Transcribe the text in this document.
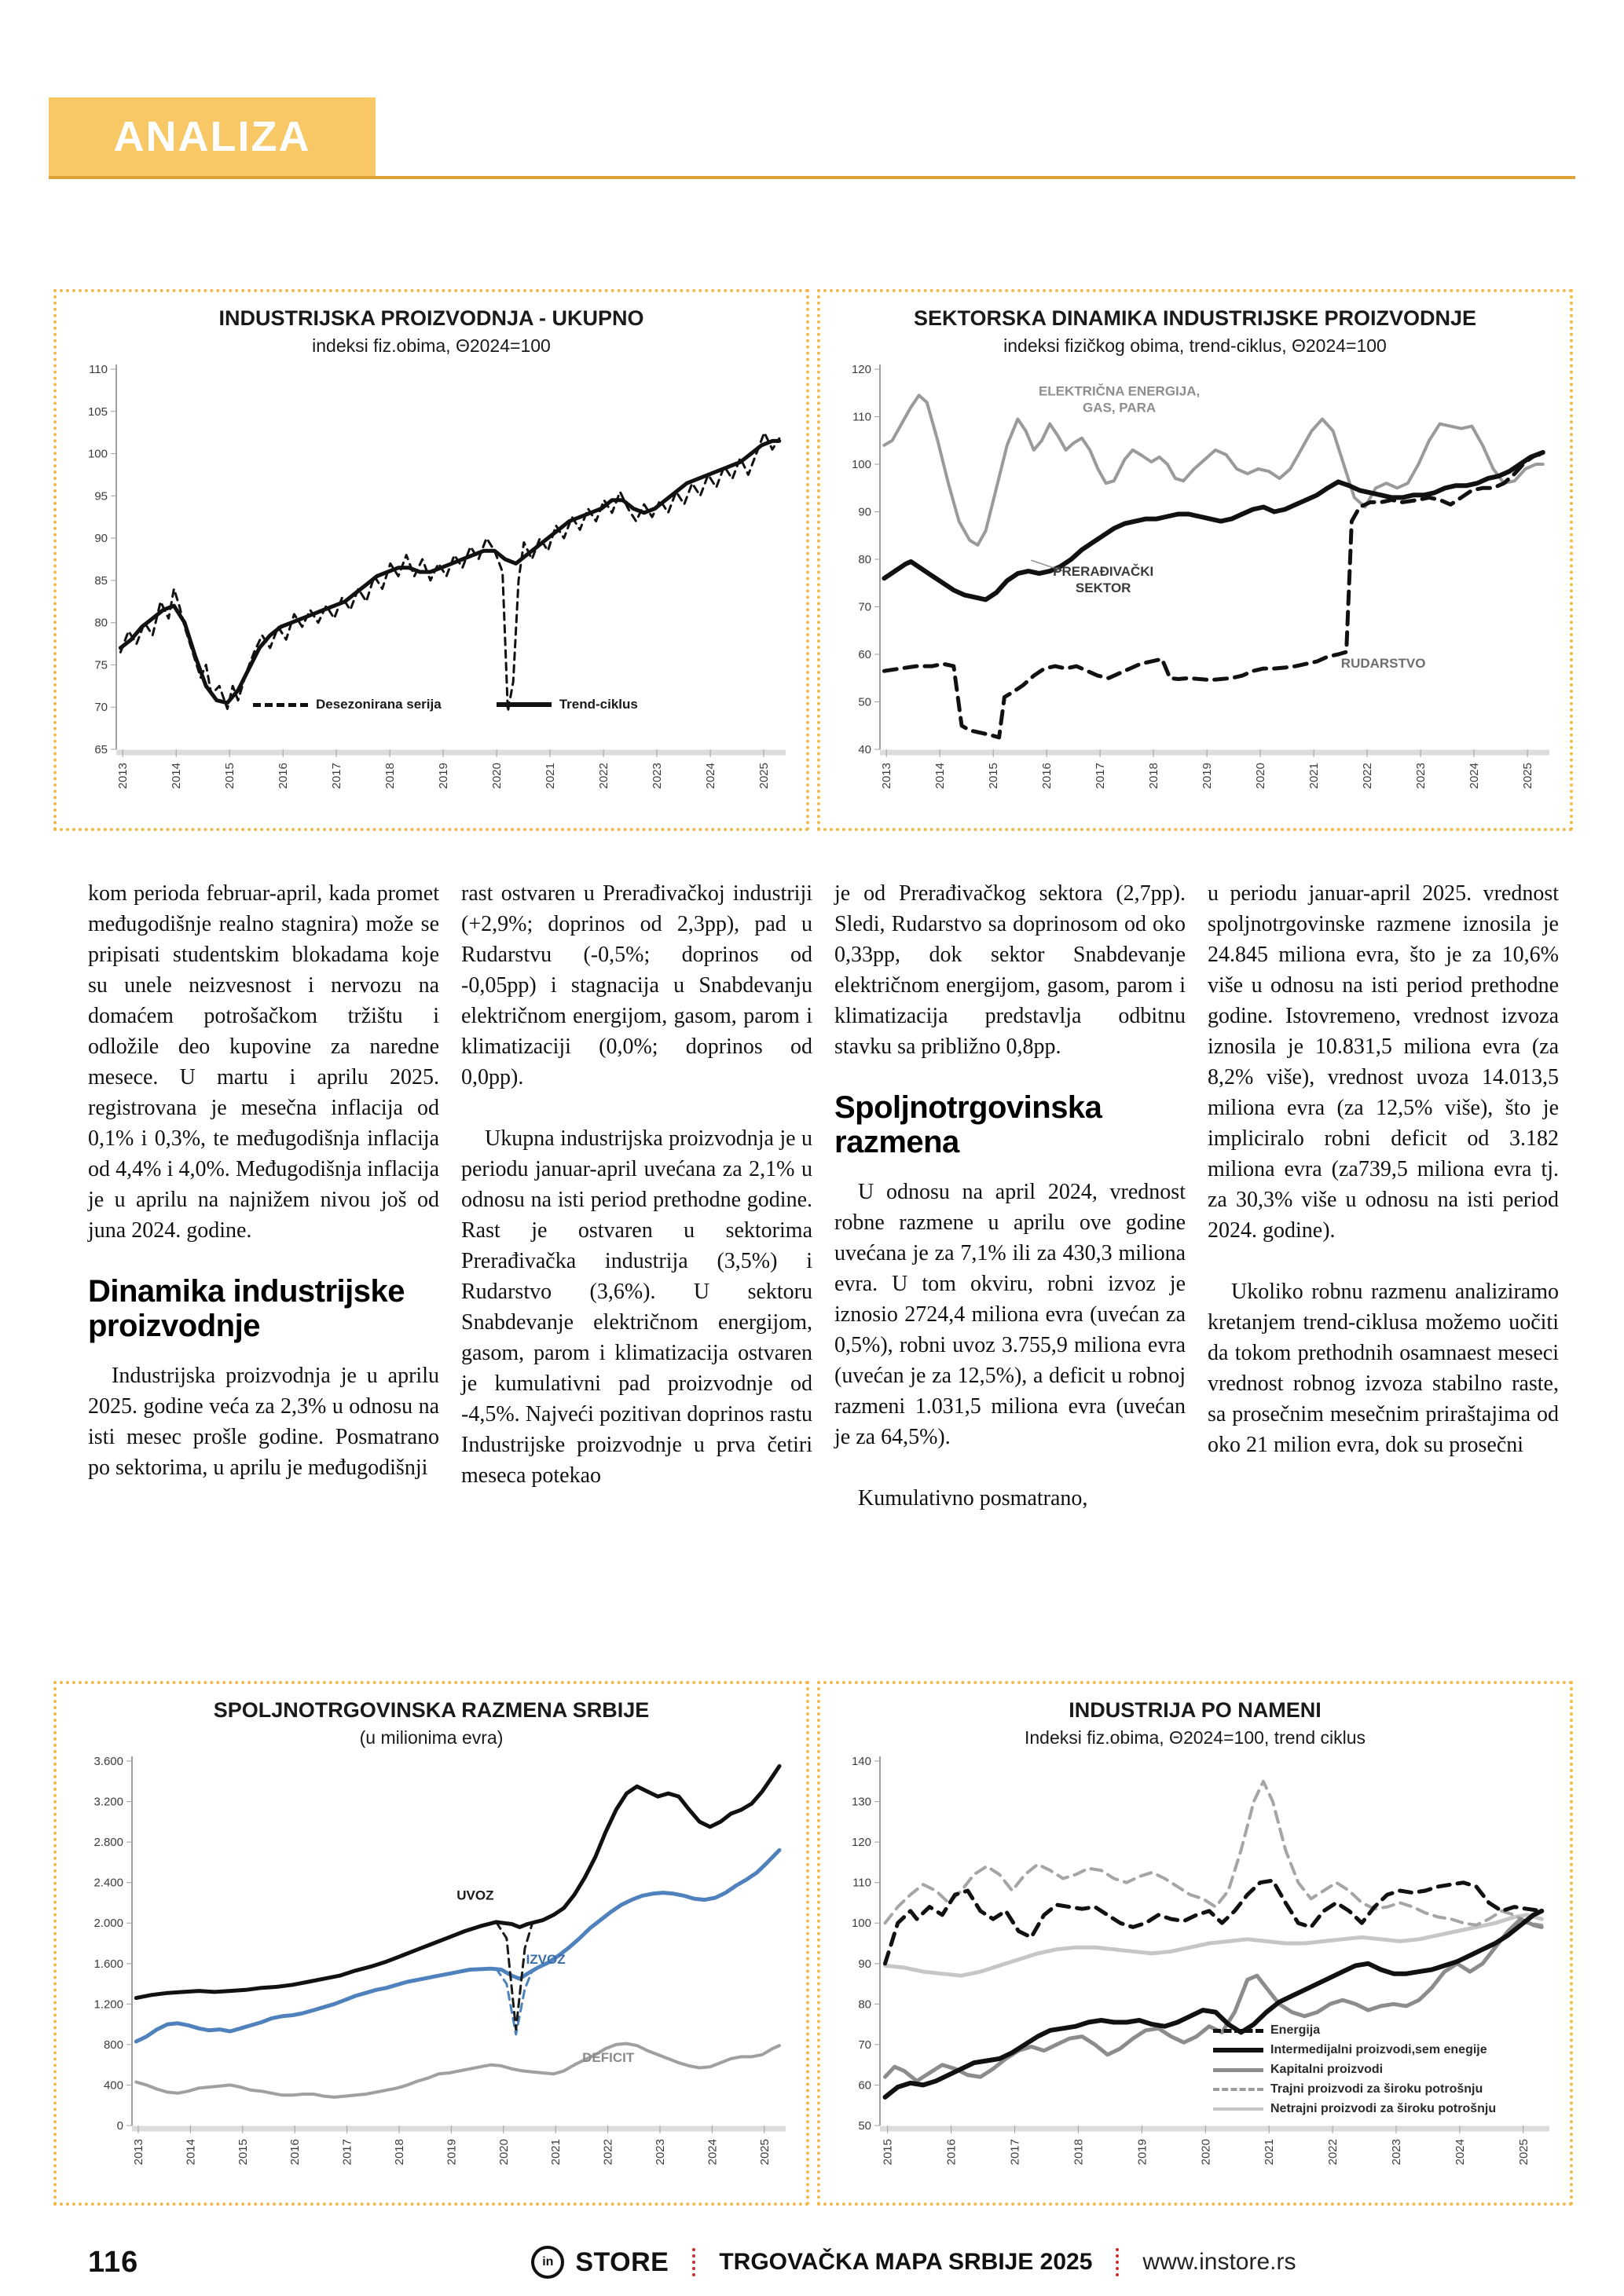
ANALIZA
INDUSTRIJSKA PROIZVODNJA - UKUPNO
indeksi fiz.obima, Θ2024=100
110
105
100
95
90
85
80
75
70
65
2013	2014	2015	2016	2017	2018	2019	2020	2021	2022	2023	2024	2025
Desezonirana serija	Trend-ciklus
SEKTORSKA DINAMIKA INDUSTRIJSKE PROIZVODNJE
indeksi fizičkog obima, trend-ciklus, Θ2024=100
120
110
100
90
80
70
60
50
40
2013	2014	2015	2016	2017	2018	2019	2020	2021	2022	2023	2024	2025
ELEKTRIČNA ENERGIJA,
GAS, PARA
PRERAĐIVAČKI
SEKTOR
RUDARSTVO

kom perioda februar-april, kada promet međugodišnje realno stagnira) može se pripisati studentskim blokadama koje su unele neizvesnost i nervozu na domaćem potrošačkom tržištu i odložile deo kupovine za naredne mesece. U martu i aprilu 2025. registrovana je mesečna inflacija od 0,1% i 0,3%, te međugodišnja inflacija od 4,4% i 4,0%. Međugodišnja inflacija je u aprilu na najnižem nivou još od juna 2024. godine.

Dinamika industrijske proizvodnje

Industrijska proizvodnja je u aprilu 2025. godine veća za 2,3% u odnosu na isti mesec prošle godine. Posmatrano po sektorima, u aprilu je međugodišnji

rast ostvaren u Prerađivačkoj industriji (+2,9%; doprinos od 2,3pp), pad u Rudarstvu (-0,5%; doprinos od -0,05pp) i stagnacija u Snabdevanju električnom energijom, gasom, parom i klimatizaciji (0,0%; doprinos od 0,0pp).

Ukupna industrijska proizvodnja je u periodu januar-april uvećana za 2,1% u odnosu na isti period prethodne godine. Rast je ostvaren u sektorima Prerađivačka industrija (3,5%) i Rudarstvo (3,6%). U sektoru Snabdevanje električnom energijom, gasom, parom i klimatizacija ostvaren je kumulativni pad proizvodnje od -4,5%. Najveći pozitivan doprinos rastu Industrijske proizvodnje u prva četiri meseca potekao

je od Prerađivačkog sektora (2,7pp). Sledi, Rudarstvo sa doprinosom od oko 0,33pp, dok sektor Snabdevanje električnom energijom, gasom, parom i klimatizacija predstavlja odbitnu stavku sa približno 0,8pp.

Spoljnotrgovinska razmena

U odnosu na april 2024, vrednost robne razmene u aprilu ove godine uvećana je za 7,1% ili za 430,3 miliona evra. U tom okviru, robni izvoz je iznosio 2724,4 miliona evra (uvećan za 0,5%), robni uvoz 3.755,9 miliona evra (uvećan je za 12,5%), a deficit u robnoj razmeni 1.031,5 miliona evra (uvećan je za 64,5%).

Kumulativno posmatrano,

u periodu januar-april 2025. vrednost spoljnotrgovinske razmene iznosila je 24.845 miliona evra, što je za 10,6% više u odnosu na isti period prethodne godine. Istovremeno, vrednost izvoza iznosila je 10.831,5 miliona evra (za 8,2% više), vrednost uvoza 14.013,5 miliona evra (za 12,5% više), što je impliciralo robni deficit od 3.182 miliona evra (za739,5 miliona evra tj. za 30,3% više u odnosu na isti period 2024. godine).

Ukoliko robnu razmenu analiziramo kretanjem trend-ciklusa možemo uočiti da tokom prethodnih osamnaest meseci vrednost robnog izvoza stabilno raste, sa prosečnim mesečnim priraštajima od oko 21 milion evra, dok su prosečni

SPOLJNOTRGOVINSKA RAZMENA SRBIJE
(u milionima evra)
3.600
3.200
2.800
2.400
2.000
1.600
1.200
800
400
0
2013	2014	2015	2016	2017	2018	2019	2020	2021	2022	2023	2024	2025
UVOZ
IZVOZ
DEFICIT
INDUSTRIJA PO NAMENI
Indeksi fiz.obima, Θ2024=100, trend ciklus
140
130
120
110
100
90
80
70
60
50
2015	2016	2017	2018	2019	2020	2021	2022	2023	2024	2025
Energija
Intermedijalni proizvodi,sem enegije
Kapitalni proizvodi
Trajni proizvodi za široku potrošnju
Netrajni proizvodi za široku potrošnju
116	in STORE TRGOVAČKA MAPA SRBIJE 2025 www.instore.rs
